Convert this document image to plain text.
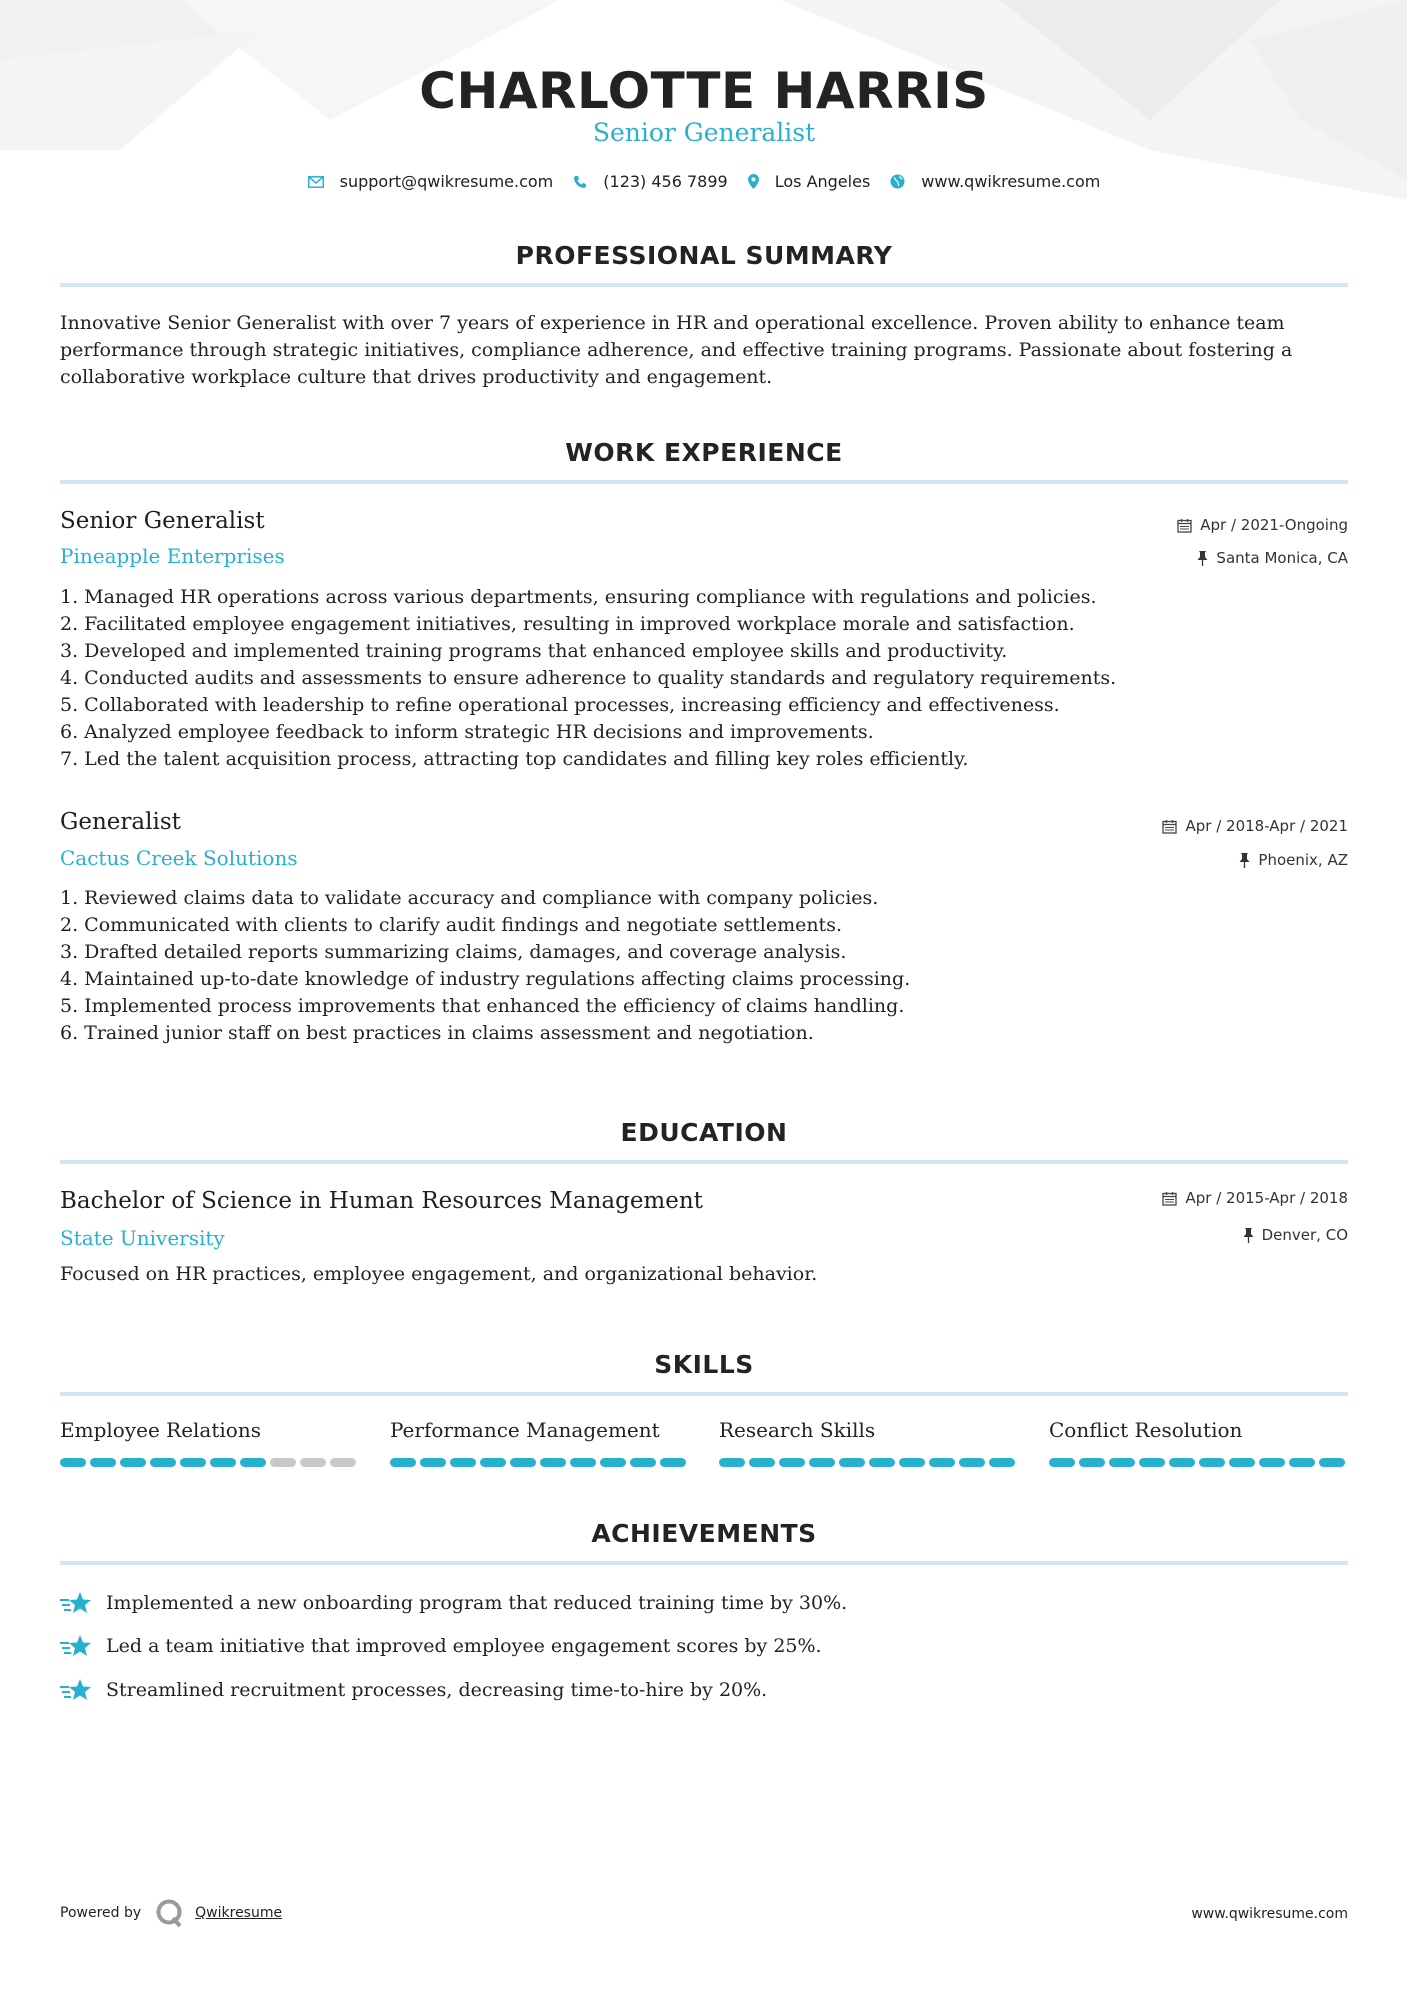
CHARLOTTE HARRIS
Senior Generalist
support@qwikresume.com	(123) 456 7899	Los Angeles	www.qwikresume.com
PROFESSIONAL SUMMARY
Innovative Senior Generalist with over 7 years of experience in HR and operational excellence. Proven ability to enhance team performance through strategic initiatives, compliance adherence, and effective training programs. Passionate about fostering a collaborative workplace culture that drives productivity and engagement.
WORK EXPERIENCE
Senior Generalist
Pineapple Enterprises
Apr / 2021-Ongoing
Santa Monica, CA
1. Managed HR operations across various departments, ensuring compliance with regulations and policies.
2. Facilitated employee engagement initiatives, resulting in improved workplace morale and satisfaction.
3. Developed and implemented training programs that enhanced employee skills and productivity.
4. Conducted audits and assessments to ensure adherence to quality standards and regulatory requirements.
5. Collaborated with leadership to refine operational processes, increasing efficiency and effectiveness.
6. Analyzed employee feedback to inform strategic HR decisions and improvements.
7. Led the talent acquisition process, attracting top candidates and filling key roles efficiently.
Generalist
Cactus Creek Solutions
Apr / 2018-Apr / 2021
Phoenix, AZ
1. Reviewed claims data to validate accuracy and compliance with company policies.
2. Communicated with clients to clarify audit findings and negotiate settlements.
3. Drafted detailed reports summarizing claims, damages, and coverage analysis.
4. Maintained up-to-date knowledge of industry regulations affecting claims processing.
5. Implemented process improvements that enhanced the efficiency of claims handling.
6. Trained junior staff on best practices in claims assessment and negotiation.
EDUCATION
Bachelor of Science in Human Resources Management
State University
Apr / 2015-Apr / 2018
Denver, CO
Focused on HR practices, employee engagement, and organizational behavior.
SKILLS
Employee Relations	Performance Management	Research Skills	Conflict Resolution
ACHIEVEMENTS
Implemented a new onboarding program that reduced training time by 30%.
Led a team initiative that improved employee engagement scores by 25%.
Streamlined recruitment processes, decreasing time-to-hire by 20%.
Powered by	Qwikresume	www.qwikresume.com
